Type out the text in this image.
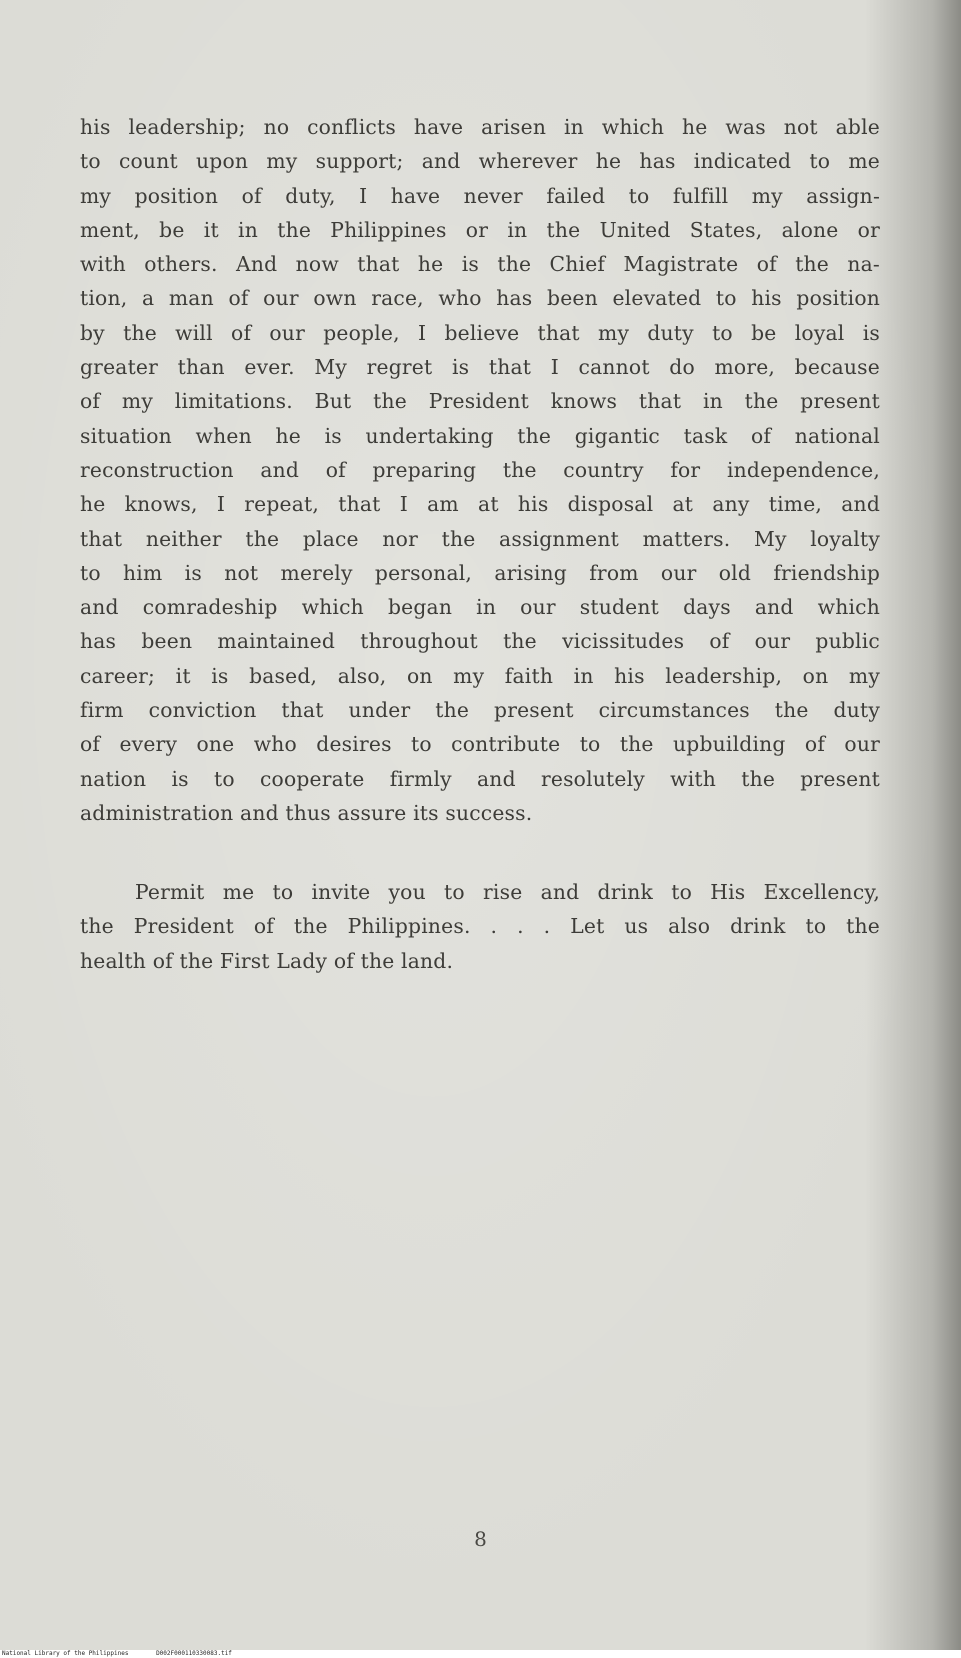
his leadership; no conflicts have arisen in which he was not able
to count upon my support; and wherever he has indicated to me
my position of duty, I have never failed to fulfill my assign-
ment, be it in the Philippines or in the United States, alone or
with others. And now that he is the Chief Magistrate of the na-
tion, a man of our own race, who has been elevated to his position
by the will of our people, I believe that my duty to be loyal is
greater than ever. My regret is that I cannot do more, because
of my limitations. But the President knows that in the present
situation when he is undertaking the gigantic task of national
reconstruction and of preparing the country for independence,
he knows, I repeat, that I am at his disposal at any time, and
that neither the place nor the assignment matters. My loyalty
to him is not merely personal, arising from our old friendship
and comradeship which began in our student days and which
has been maintained throughout the vicissitudes of our public
career; it is based, also, on my faith in his leadership, on my
firm conviction that under the present circumstances the duty
of every one who desires to contribute to the upbuilding of our
nation is to cooperate firmly and resolutely with the present
administration and thus assure its success.
Permit me to invite you to rise and drink to His Excellency,
the President of the Philippines. . . . Let us also drink to the
health of the First Lady of the land.
8
National Library of the Philippines	D002F000110330083.tif
